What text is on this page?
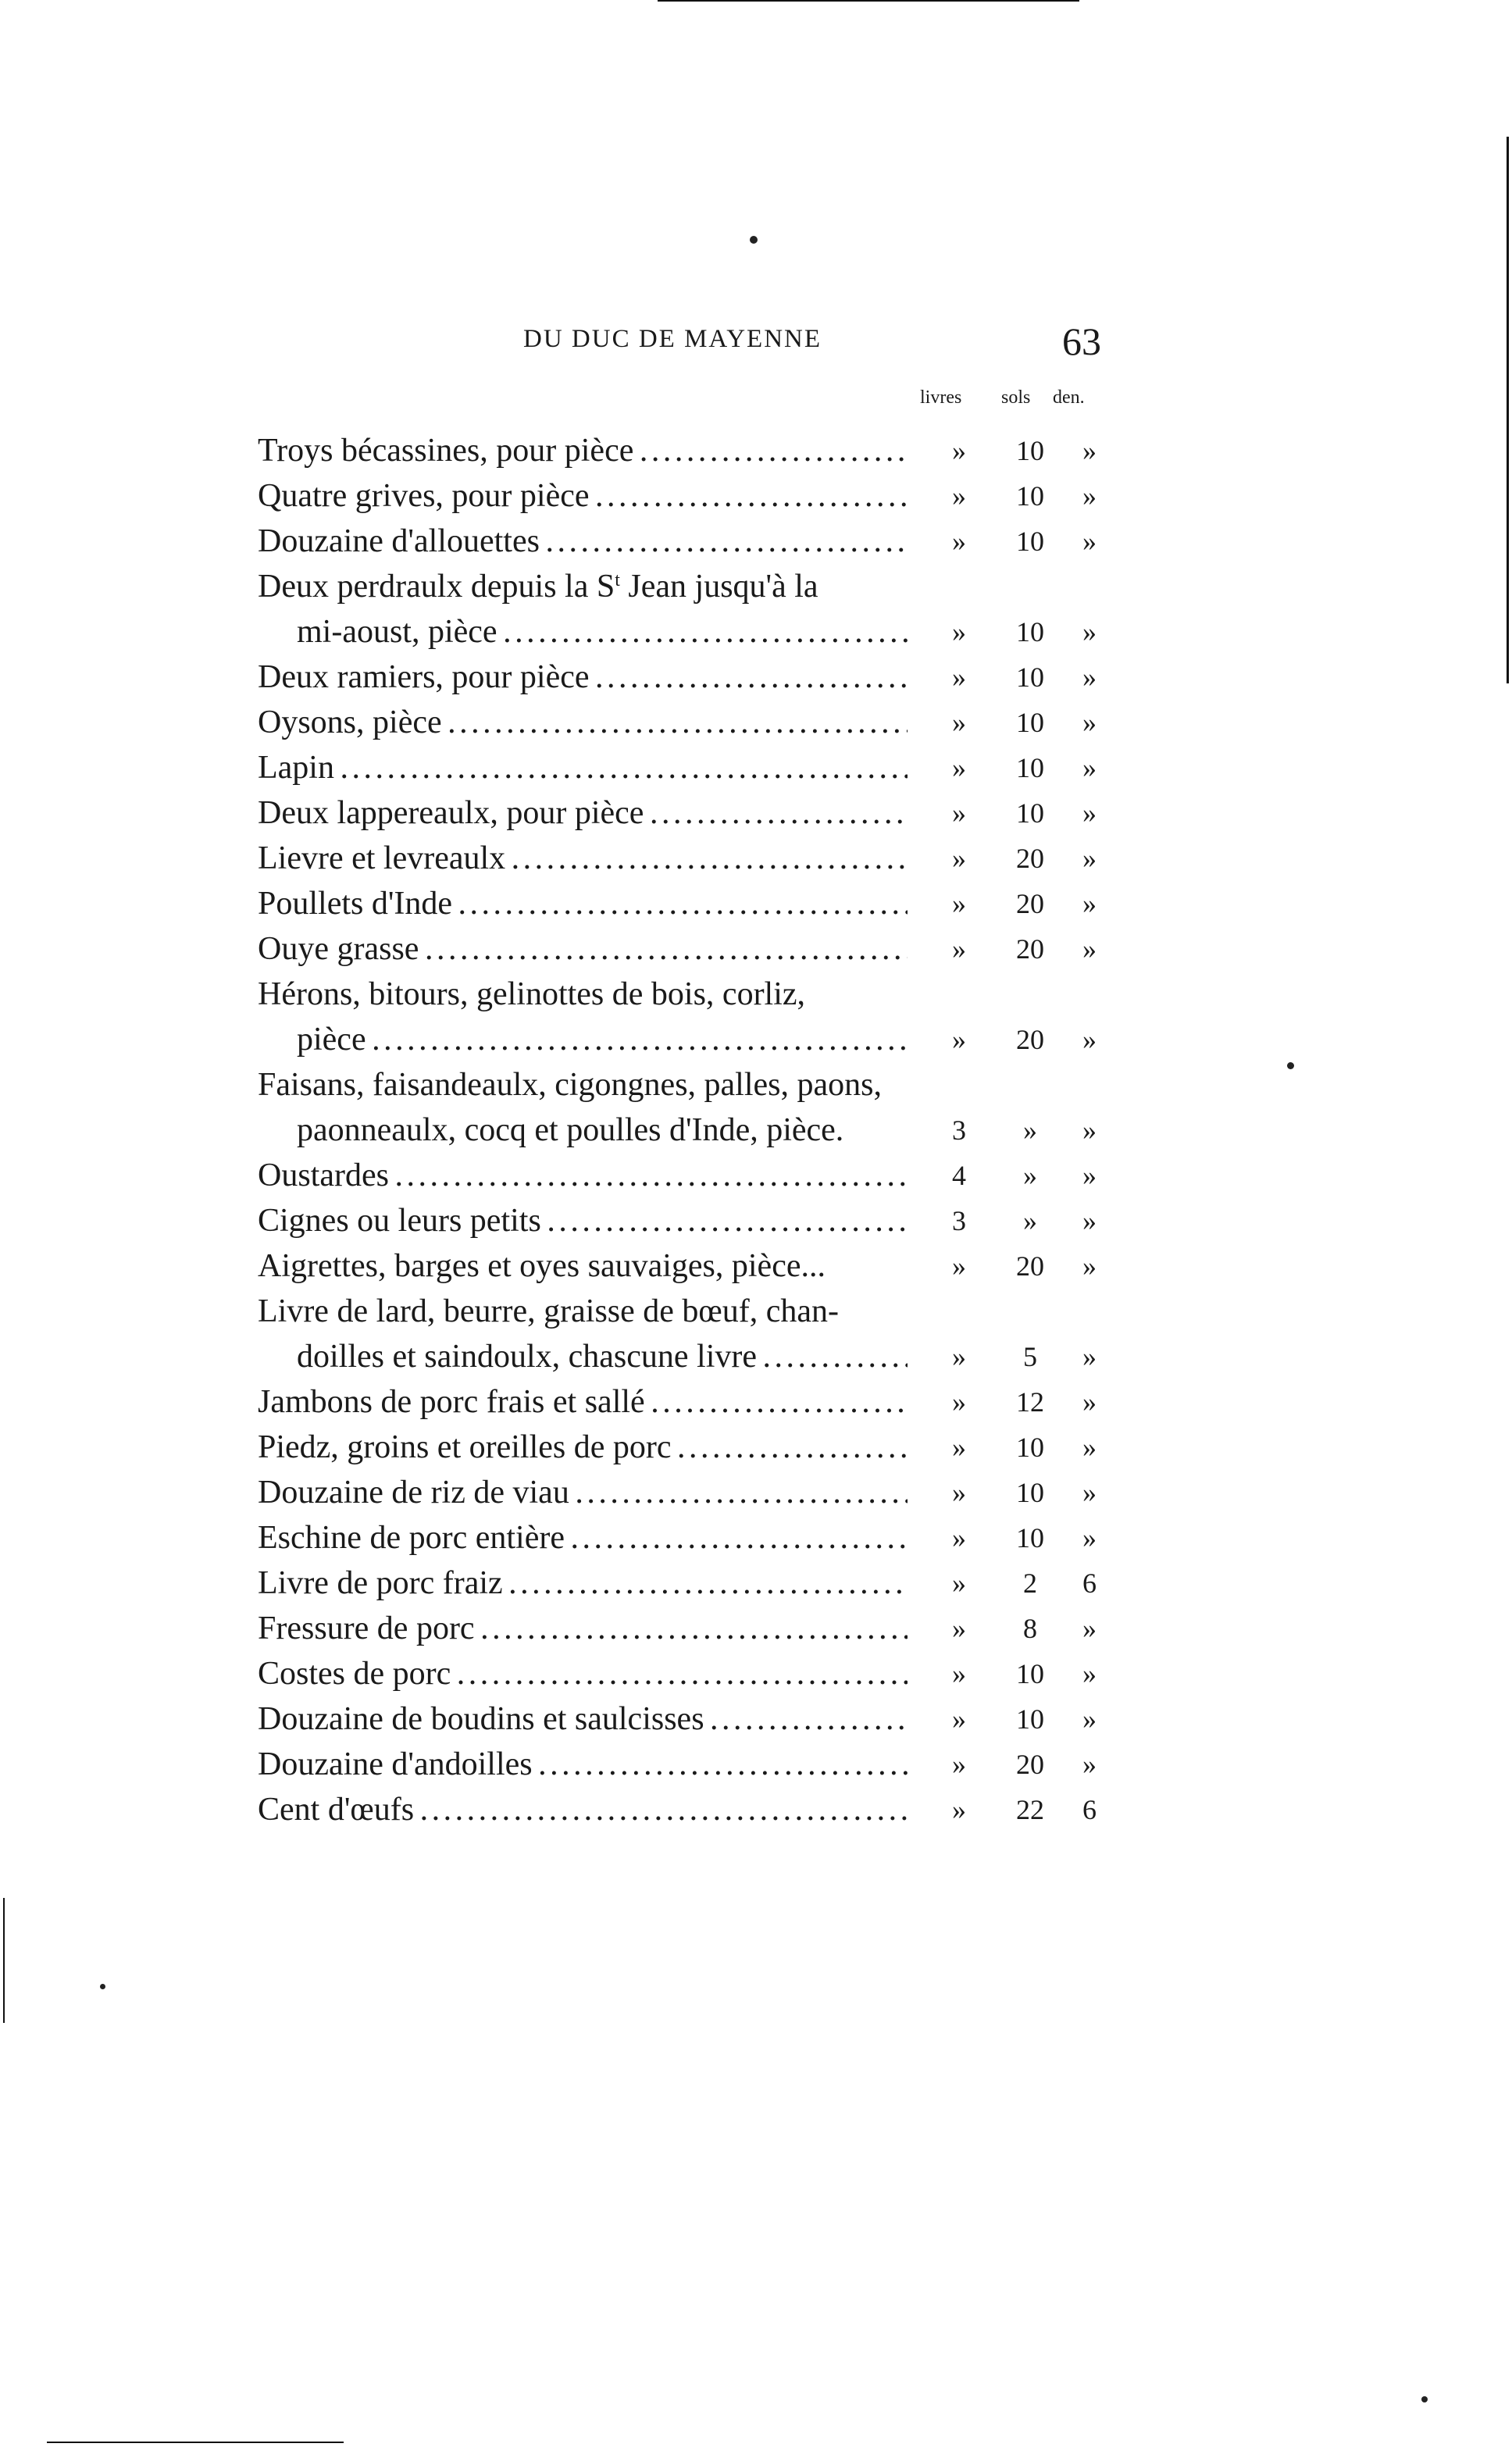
DU DUC DE MAYENNE	63
livres sols den.
Troys bécassines, pour pièce . . .	»	10	»
Quatre grives, pour pièce . . .	»	10	»
Douzaine d'allouettes . . .	»	10	»
Deux perdraulx depuis la $S^t$ Jean jusqu'à la
mi-aoust, pièce . . .	»	10	»
Deux ramiers, pour pièce . . .	»	10	»
Oysons, pièce . . .	»	10	»
Lapin . . .	»	10	»
Deux lappereaulx, pour pièce . . .	»	10	»
Lievre et levreaulx . . .	»	20	»
Poullets d'Inde . . .	»	20	»
Ouye grasse . . .	»	20	»
Hérons, bitours, gelinottes de bois, corliz,
pièce . . .	»	20	»
Faisans, faisandeaulx, cigongnes, palles, paons,
paonneaulx, cocq et poulles d'Inde, pièce.	3	»	»
Oustardes . . .	4	»	»
Cignes ou leurs petits . . .	3	»	»
Aigrettes, barges et oyes sauvaiges, pièce...	»	20	»
Livre de lard, beurre, graisse de bœuf, chan-
doilles et saindoulx, chascune livre . . .	»	5	»
Jambons de porc frais et sallé . . .	»	12	»
Piedz, groins et oreilles de porc . . .	»	10	»
Douzaine de riz de viau . . .	»	10	»
Eschine de porc entière . . .	»	10	»
Livre de porc fraiz . . .	»	2	6
Fressure de porc . . .	»	8	»
Costes de porc . . .	»	10	»
Douzaine de boudins et saulcisses . . .	»	10	»
Douzaine d'andoilles . . .	»	20	»
Cent d'œufs . . .	»	22	6
